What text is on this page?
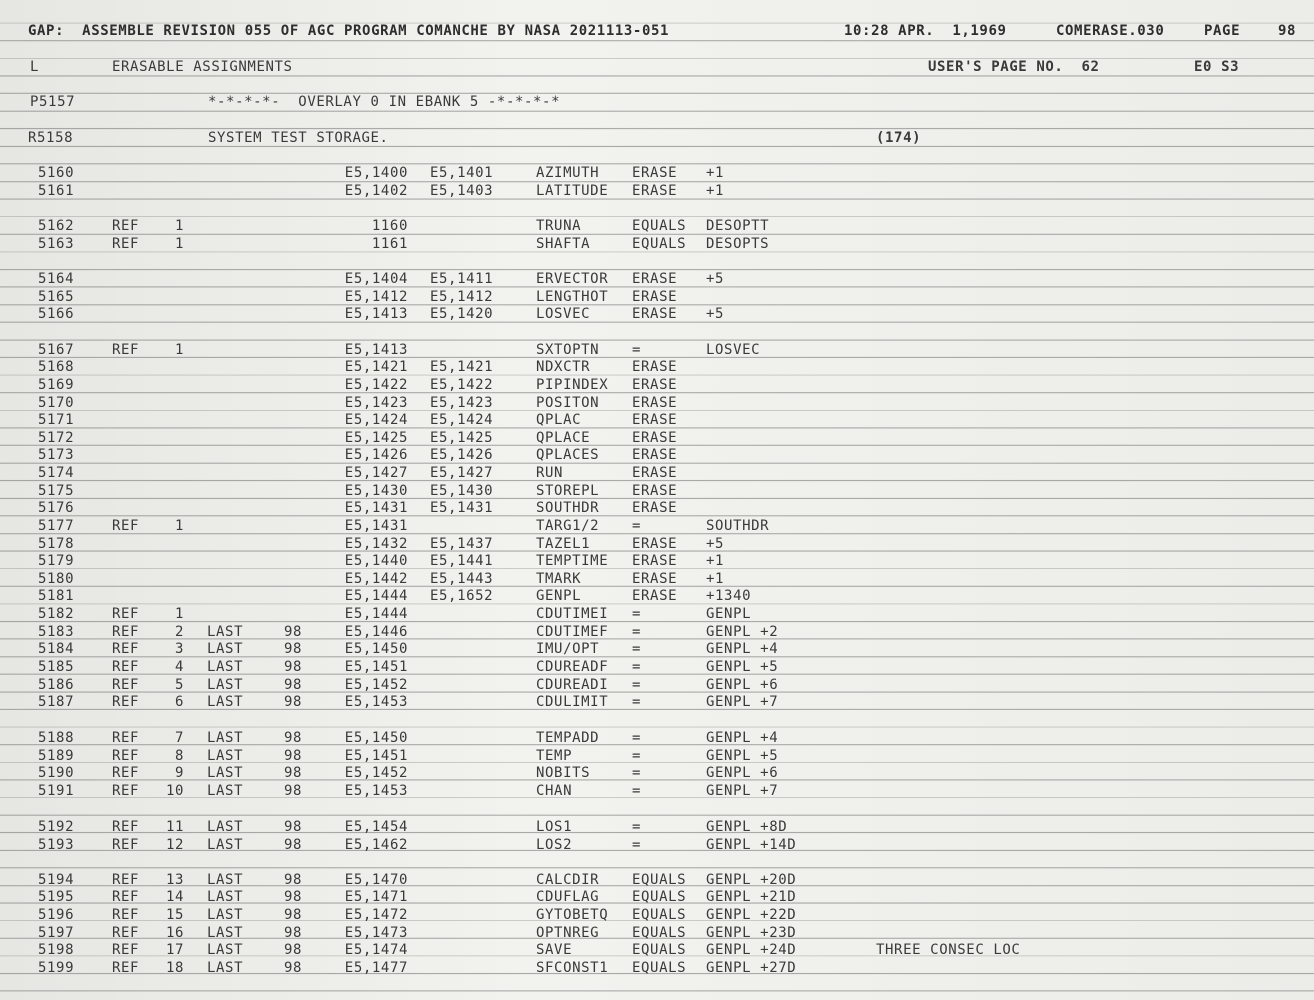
GAP:  ASSEMBLE REVISION 055 OF AGC PROGRAM COMANCHE BY NASA 2021113-051

	10:28 APR.  1,1969

	COMERASE.030

	PAGE

	98

L

	ERASABLE ASSIGNMENTS

	USER'S PAGE NO.  62

	E0 S3

P5157

	*-*-*-*-  OVERLAY 0 IN EBANK 5 -*-*-*-*

R5158

	SYSTEM TEST STORAGE.

	(174)

5160	E5,1400 E5,1401	AZIMUTH ERASE +1
5161	E5,1402 E5,1403	LATITUDE ERASE +1
5162	REF	1	1160	TRUNA	EQUALS DESOPTT
5163	REF	1	1161	SHAFTA	EQUALS DESOPTS
5164	E5,1404 E5,1411	ERVECTOR ERASE +5
5165	E5,1412 E5,1412	LENGTHOT ERASE
5166	E5,1413 E5,1420	LOSVEC	ERASE +5
5167	REF	1	E5,1413	SXTOPTN =	LOSVEC
5168	E5,1421 E5,1421	NDXCTR	ERASE
5169	E5,1422 E5,1422	PIPINDEX ERASE
5170	E5,1423 E5,1423	POSITON ERASE
5171	E5,1424 E5,1424	QPLAC	ERASE
5172	E5,1425 E5,1425	QPLACE	ERASE
5173	E5,1426 E5,1426	QPLACES ERASE
5174	E5,1427 E5,1427	RUN	ERASE
5175	E5,1430 E5,1430	STOREPL ERASE
5176	E5,1431 E5,1431	SOUTHDR ERASE
5177	REF	1	E5,1431	TARG1/2 =	SOUTHDR
5178	E5,1432 E5,1437	TAZEL1	ERASE +5
5179	E5,1440 E5,1441	TEMPTIME ERASE +1
5180	E5,1442 E5,1443	TMARK	ERASE +1
5181	E5,1444 E5,1652	GENPL	ERASE +1340
5182	REF	1	E5,1444	CDUTIMEI =	GENPL
5183	REF	2 LAST	98	E5,1446	CDUTIMEF =	GENPL +2
5184	REF	3 LAST	98	E5,1450	IMU/OPT =	GENPL +4
5185	REF	4 LAST	98	E5,1451	CDUREADF =	GENPL +5
5186	REF	5 LAST	98	E5,1452	CDUREADI =	GENPL +6
5187	REF	6 LAST	98	E5,1453	CDULIMIT =	GENPL +7
5188	REF	7 LAST	98	E5,1450	TEMPADD =	GENPL +4
5189	REF	8 LAST	98	E5,1451	TEMP	=	GENPL +5
5190	REF	9 LAST	98	E5,1452	NOBITS	=	GENPL +6
5191	REF	10 LAST	98	E5,1453	CHAN	=	GENPL +7
5192	REF	11 LAST	98	E5,1454	LOS1	=	GENPL +8D
5193	REF	12 LAST	98	E5,1462	LOS2	=	GENPL +14D
5194	REF	13 LAST	98	E5,1470	CALCDIR EQUALS GENPL +20D
5195	REF	14 LAST	98	E5,1471	CDUFLAG EQUALS GENPL +21D
5196	REF	15 LAST	98	E5,1472	GYTOBETQ EQUALS GENPL +22D
5197	REF	16 LAST	98	E5,1473	OPTNREG EQUALS GENPL +23D
5198	REF	17 LAST	98	E5,1474	SAVE	EQUALS GENPL +24D	THREE CONSEC LOC
5199	REF	18 LAST	98	E5,1477	SFCONST1 EQUALS GENPL +27D
